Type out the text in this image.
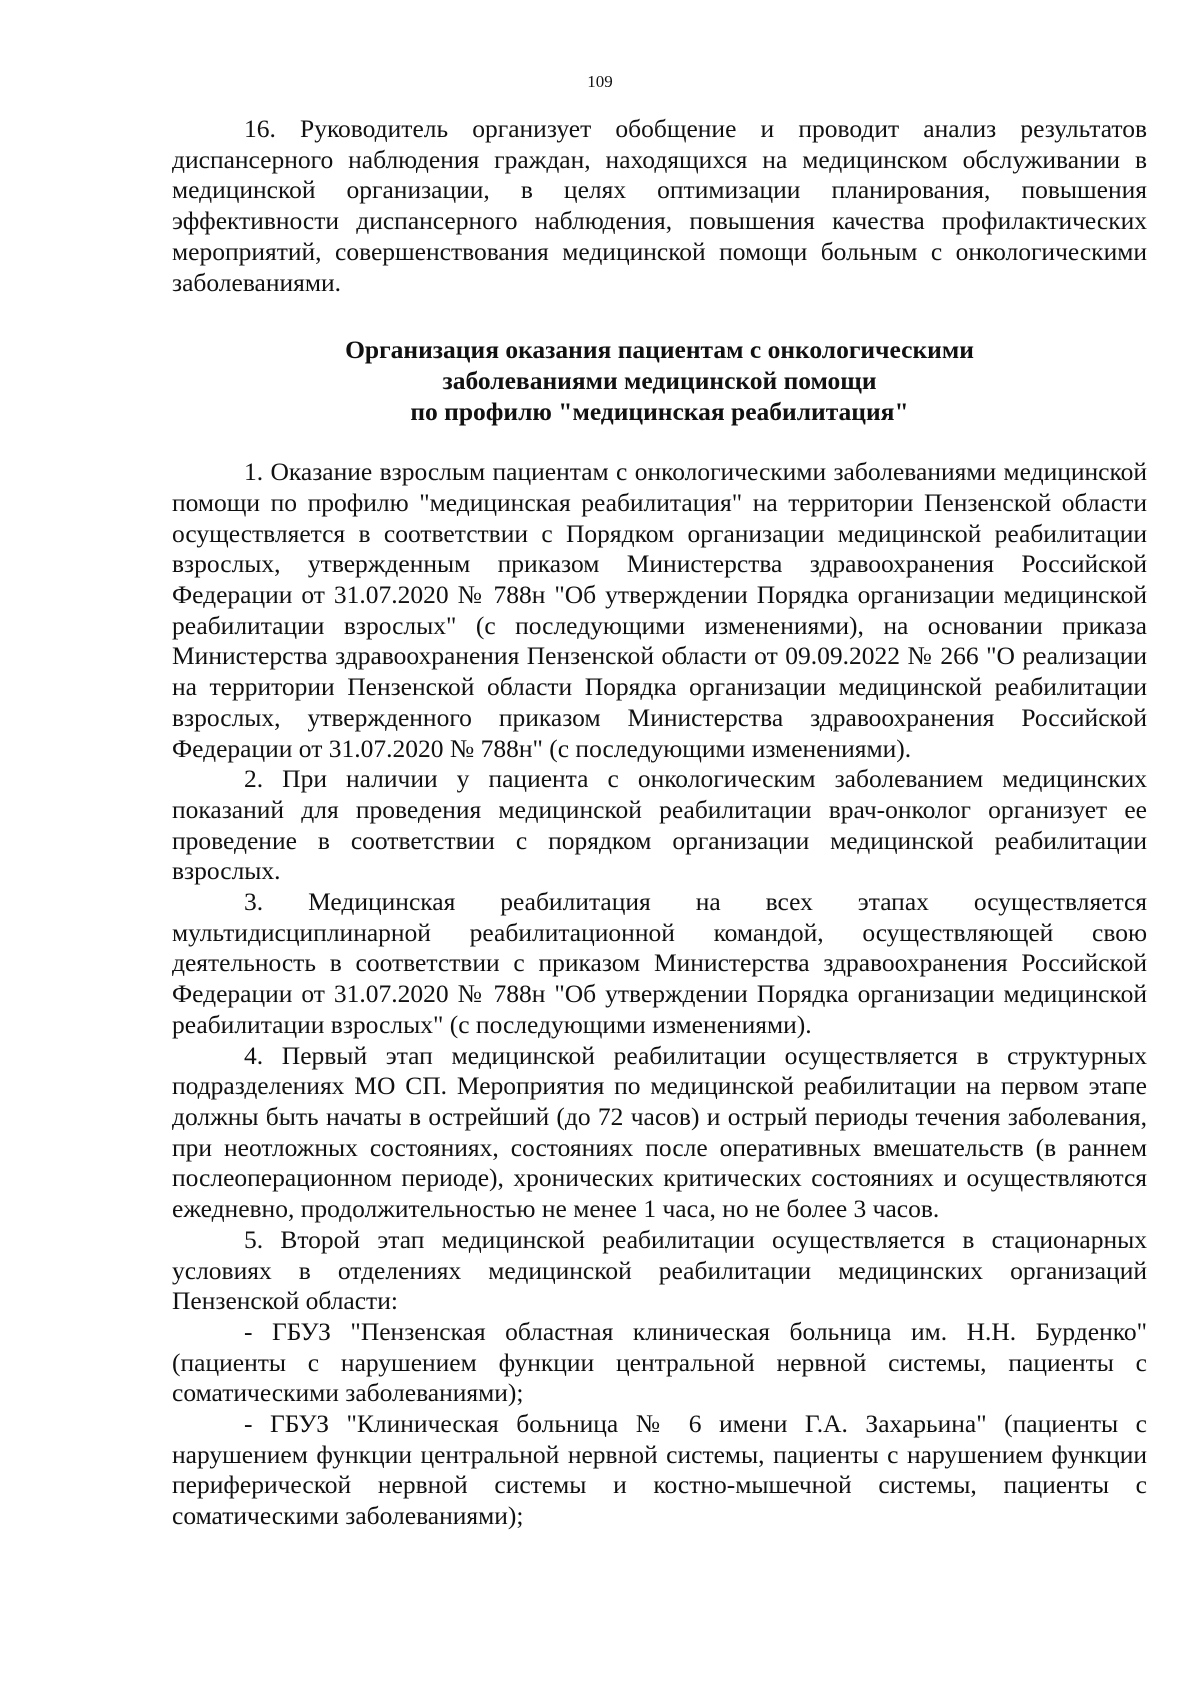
109

16. Руководитель организует обобщение и проводит анализ результатов диспансерного наблюдения граждан, находящихся на медицинском обслуживании в медицинской организации, в целях оптимизации планирования, повышения эффективности диспансерного наблюдения, повышения качества профилактических мероприятий, совершенствования медицинской помощи больным с онкологическими заболеваниями.

Организация оказания пациентам с онкологическими
заболеваниями медицинской помощи
по профилю "медицинская реабилитация"

1. Оказание взрослым пациентам с онкологическими заболеваниями медицинской помощи по профилю "медицинская реабилитация" на территории Пензенской области осуществляется в соответствии с Порядком организации медицинской реабилитации взрослых, утвержденным приказом Министерства здравоохранения Российской Федерации от 31.07.2020 № 788н "Об утверждении Порядка организации медицинской реабилитации взрослых" (с последующими изменениями), на основании приказа Министерства здравоохранения Пензенской области от 09.09.2022 № 266 "О реализации на территории Пензенской области Порядка организации медицинской реабилитации взрослых, утвержденного приказом Министерства здравоохранения Российской Федерации от 31.07.2020 № 788н" (с последующими изменениями).

2. При наличии у пациента с онкологическим заболеванием медицинских показаний для проведения медицинской реабилитации врач-онколог организует ее проведение в соответствии с порядком организации медицинской реабилитации взрослых.

3. Медицинская реабилитация на всех этапах осуществляется мультидисциплинарной реабилитационной командой, осуществляющей свою деятельность в соответствии с приказом Министерства здравоохранения Российской Федерации от 31.07.2020 № 788н "Об утверждении Порядка организации медицинской реабилитации взрослых" (с последующими изменениями).

4. Первый этап медицинской реабилитации осуществляется в структурных подразделениях МО СП. Мероприятия по медицинской реабилитации на первом этапе должны быть начаты в острейший (до 72 часов) и острый периоды течения заболевания, при неотложных состояниях, состояниях после оперативных вмешательств (в раннем послеоперационном периоде), хронических критических состояниях и осуществляются ежедневно, продолжительностью не менее 1 часа, но не более 3 часов.

5. Второй этап медицинской реабилитации осуществляется в стационарных условиях в отделениях медицинской реабилитации медицинских организаций Пензенской области:

- ГБУЗ "Пензенская областная клиническая больница им. Н.Н. Бурденко" (пациенты с нарушением функции центральной нервной системы, пациенты с соматическими заболеваниями);

- ГБУЗ "Клиническая больница № 6 имени Г.А. Захарьина" (пациенты с нарушением функции центральной нервной системы, пациенты с нарушением функции периферической нервной системы и костно-мышечной системы, пациенты с соматическими заболеваниями);
